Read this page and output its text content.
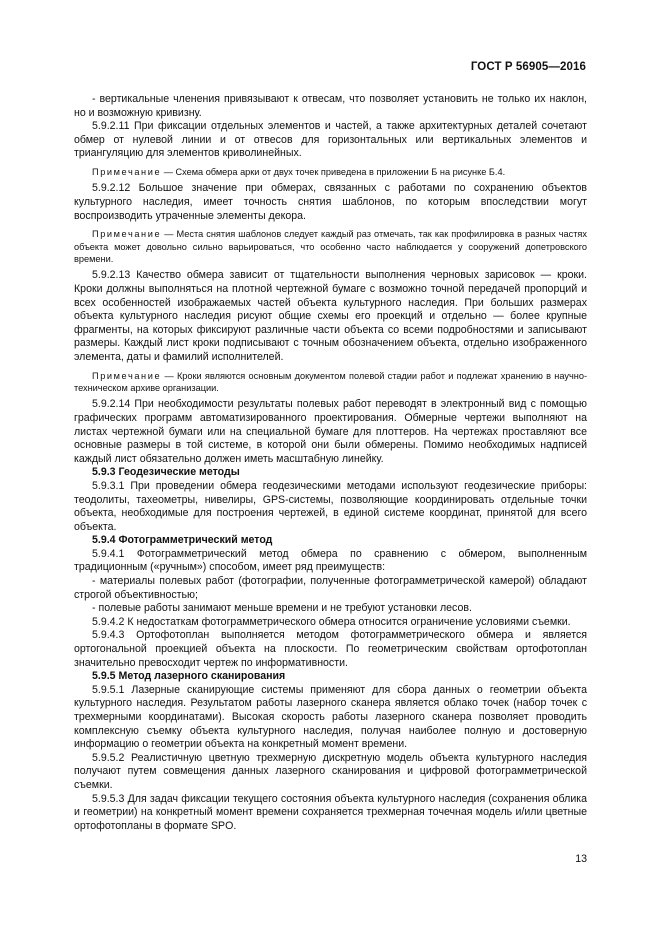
ГОСТ Р 56905—2016

- вертикальные членения привязывают к отвесам, что позволяет установить не только их наклон, но и возможную кривизну.

5.9.2.11 При фиксации отдельных элементов и частей, а также архитектурных деталей сочетают обмер от нулевой линии и от отвесов для горизонтальных или вертикальных элементов и триангуляцию для элементов криволинейных.

Примечание — Схема обмера арки от двух точек приведена в приложении Б на рисунке Б.4.

5.9.2.12 Большое значение при обмерах, связанных с работами по сохранению объектов культурного наследия, имеет точность снятия шаблонов, по которым впоследствии могут воспроизводить утраченные элементы декора.

Примечание — Места снятия шаблонов следует каждый раз отмечать, так как профилировка в разных частях объекта может довольно сильно варьироваться, что особенно часто наблюдается у сооружений допетровского времени.

5.9.2.13 Качество обмера зависит от тщательности выполнения черновых зарисовок — кроки. Кроки должны выполняться на плотной чертежной бумаге с возможно точной передачей пропорций и всех особенностей изображаемых частей объекта культурного наследия. При больших размерах объекта культурного наследия рисуют общие схемы его проекций и отдельно — более крупные фрагменты, на которых фиксируют различные части объекта со всеми подробностями и записывают размеры. Каждый лист кроки подписывают с точным обозначением объекта, отдельно изображенного элемента, даты и фамилий исполнителей.

Примечание — Кроки являются основным документом полевой стадии работ и подлежат хранению в научно-техническом архиве организации.

5.9.2.14 При необходимости результаты полевых работ переводят в электронный вид с помощью графических программ автоматизированного проектирования. Обмерные чертежи выполняют на листах чертежной бумаги или на специальной бумаге для плоттеров. На чертежах проставляют все основные размеры в той системе, в которой они были обмерены. Помимо необходимых надписей каждый лист обязательно должен иметь масштабную линейку.

5.9.3 Геодезические методы

5.9.3.1 При проведении обмера геодезическими методами используют геодезические приборы: теодолиты, тахеометры, нивелиры, GPS-системы, позволяющие координировать отдельные точки объекта, необходимые для построения чертежей, в единой системе координат, принятой для всего объекта.

5.9.4 Фотограмметрический метод

5.9.4.1 Фотограмметрический метод обмера по сравнению с обмером, выполненным традиционным («ручным») способом, имеет ряд преимуществ:

- материалы полевых работ (фотографии, полученные фотограмметрической камерой) обладают строгой объективностью;

- полевые работы занимают меньше времени и не требуют установки лесов.

5.9.4.2 К недостаткам фотограмметрического обмера относится ограничение условиями съемки.

5.9.4.3 Ортофотоплан выполняется методом фотограмметрического обмера и является ортогональной проекцией объекта на плоскости. По геометрическим свойствам ортофотоплан значительно превосходит чертеж по информативности.

5.9.5 Метод лазерного сканирования

5.9.5.1 Лазерные сканирующие системы применяют для сбора данных о геометрии объекта культурного наследия. Результатом работы лазерного сканера является облако точек (набор точек с трехмерными координатами). Высокая скорость работы лазерного сканера позволяет проводить комплексную съемку объекта культурного наследия, получая наиболее полную и достоверную информацию о геометрии объекта на конкретный момент времени.

5.9.5.2 Реалистичную цветную трехмерную дискретную модель объекта культурного наследия получают путем совмещения данных лазерного сканирования и цифровой фотограмметрической съемки.

5.9.5.3 Для задач фиксации текущего состояния объекта культурного наследия (сохранения облика и геометрии) на конкретный момент времени сохраняется трехмерная точечная модель и/или цветные ортофотопланы в формате SPO.

13
